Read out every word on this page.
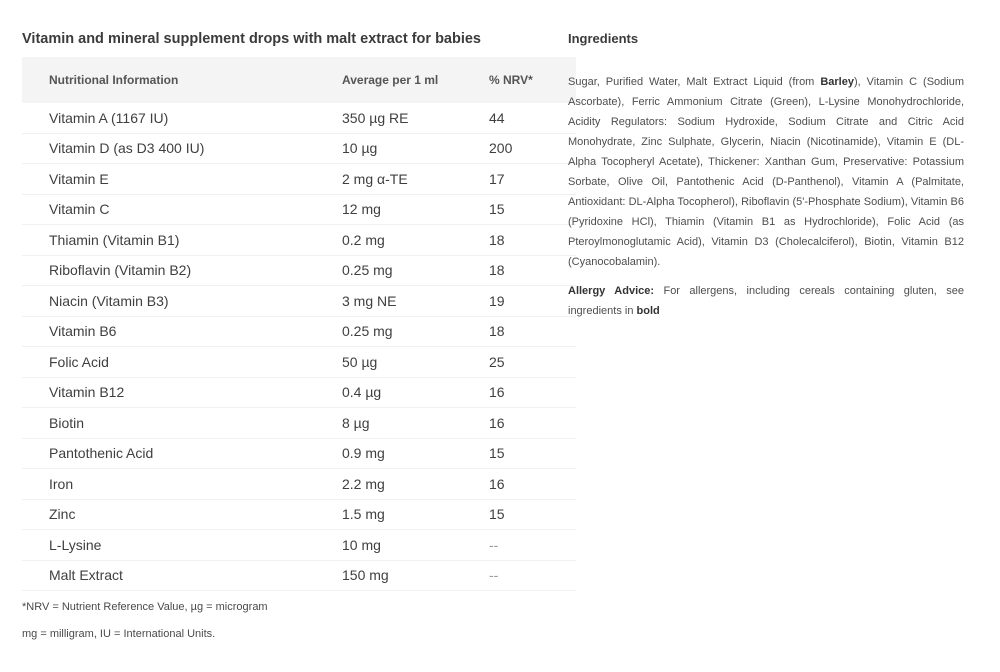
Vitamin and mineral supplement drops with malt extract for babies
Nutritional Information	Average per 1 ml	% NRV*
Vitamin A (1167 IU)	350 µg RE	44
Vitamin D (as D3 400 IU)	10 µg	200
Vitamin E	2 mg α-TE	17
Vitamin C	12 mg	15
Thiamin (Vitamin B1)	0.2 mg	18
Riboflavin (Vitamin B2)	0.25 mg	18
Niacin (Vitamin B3)	3 mg NE	19
Vitamin B6	0.25 mg	18
Folic Acid	50 µg	25
Vitamin B12	0.4 µg	16
Biotin	8 µg	16
Pantothenic Acid	0.9 mg	15
Iron	2.2 mg	16
Zinc	1.5 mg	15
L-Lysine	10 mg	--
Malt Extract	150 mg	--
*NRV = Nutrient Reference Value, µg = microgram
mg = milligram, IU = International Units.
Ingredients
Sugar, Purified Water, Malt Extract Liquid (from Barley), Vitamin C (Sodium Ascorbate), Ferric Ammonium Citrate (Green), L-Lysine Monohydrochloride, Acidity Regulators: Sodium Hydroxide, Sodium Citrate and Citric Acid Monohydrate, Zinc Sulphate, Glycerin, Niacin (Nicotinamide), Vitamin E (DL-Alpha Tocopheryl Acetate), Thickener: Xanthan Gum, Preservative: Potassium Sorbate, Olive Oil, Pantothenic Acid (D-Panthenol), Vitamin A (Palmitate, Antioxidant: DL-Alpha Tocopherol), Riboflavin (5'-Phosphate Sodium), Vitamin B6 (Pyridoxine HCl), Thiamin (Vitamin B1 as Hydrochloride), Folic Acid (as Pteroylmonoglutamic Acid), Vitamin D3 (Cholecalciferol), Biotin, Vitamin B12 (Cyanocobalamin).
Allergy Advice: For allergens, including cereals containing gluten, see ingredients in bold
